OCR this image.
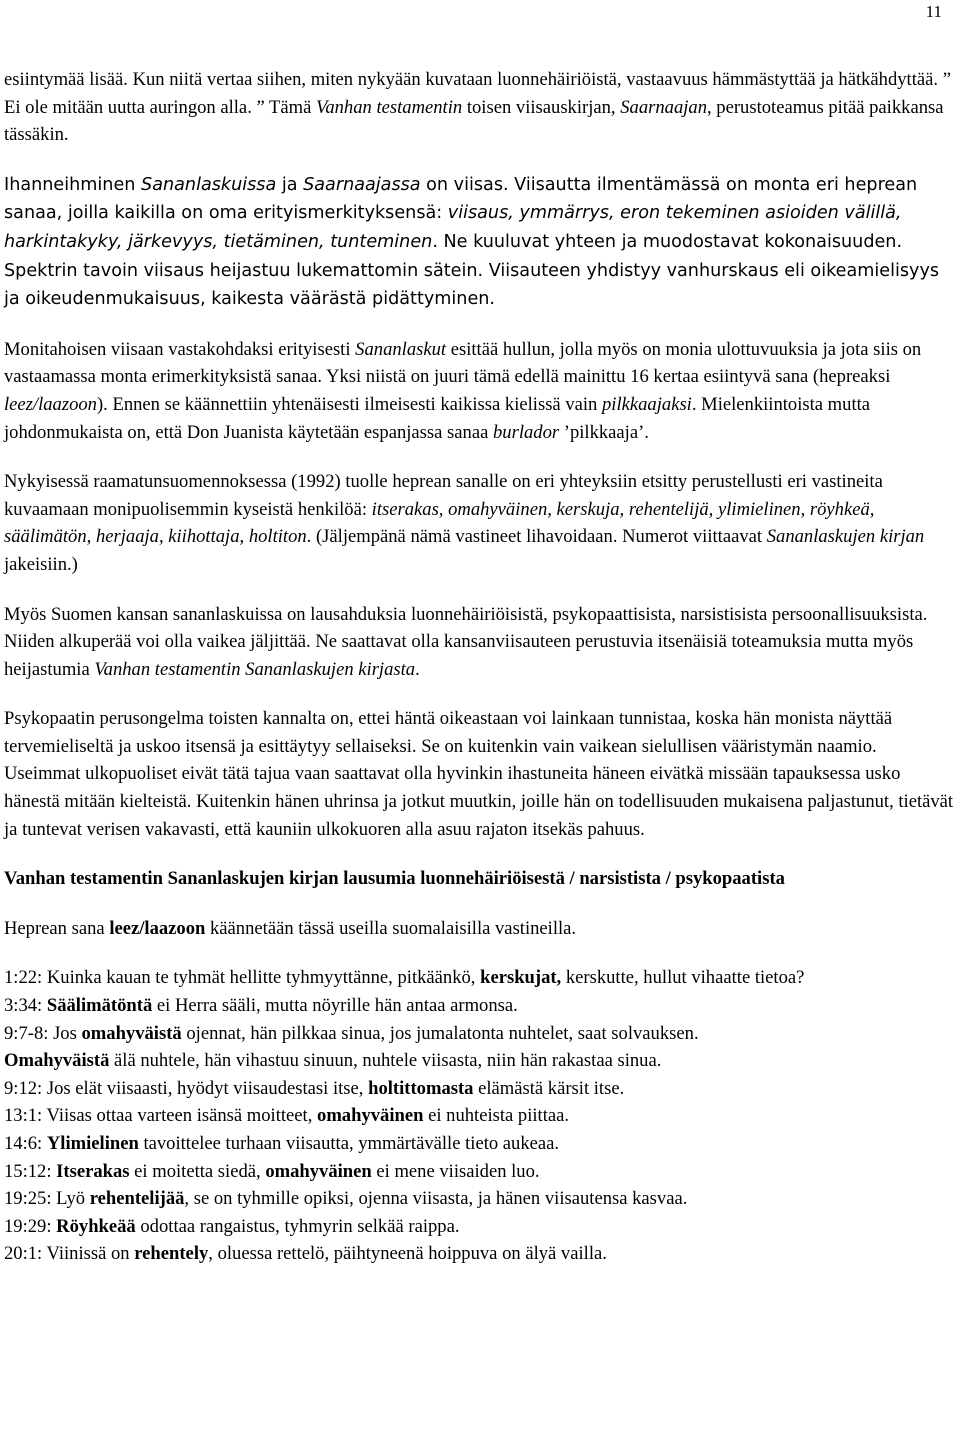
11

esiintymää lisää. Kun niitä vertaa siihen, miten nykyään kuvataan luonnehäiriöistä, vastaavuus hämmästyttää ja hätkähdyttää. ” Ei ole mitään uutta auringon alla. ” Tämä Vanhan testamentin toisen viisauskirjan, Saarnaajan, perustoteamus pitää paikkansa tässäkin.

Ihanneihminen Sananlaskuissa ja Saarnaajassa on viisas. Viisautta ilmentämässä on monta eri heprean sanaa, joilla kaikilla on oma erityismerkityksensä: viisaus, ymmärrys, eron tekeminen asioiden välillä, harkintakyky, järkevyys, tietäminen, tunteminen. Ne kuuluvat yhteen ja muodostavat kokonaisuuden. Spektrin tavoin viisaus heijastuu lukemattomin sätein. Viisauteen yhdistyy vanhurskaus eli oikeamielisyys ja oikeudenmukaisuus, kaikesta väärästä pidättyminen.

Monitahoisen viisaan vastakohdaksi erityisesti Sananlaskut esittää hullun, jolla myös on monia ulottuvuuksia ja jota siis on vastaamassa monta erimerkityksistä sanaa. Yksi niistä on juuri tämä edellä mainittu 16 kertaa esiintyvä sana (hepreaksi leez/laazoon). Ennen se käännettiin yhtenäisesti ilmeisesti kaikissa kielissä vain pilkkaajaksi. Mielenkiintoista mutta johdonmukaista on, että Don Juanista käytetään espanjassa sanaa burlador ’pilkkaaja’.

Nykyisessä raamatunsuomennoksessa (1992) tuolle heprean sanalle on eri yhteyksiin etsitty perustellusti eri vastineita kuvaamaan monipuolisemmin kyseistä henkilöä: itserakas, omahyväinen, kerskuja, rehentelijä, ylimielinen, röyhkeä, säälimätön, herjaaja, kiihottaja, holtiton. (Jäljempänä nämä vastineet lihavoidaan. Numerot viittaavat Sananlaskujen kirjan jakeisiin.)

Myös Suomen kansan sananlaskuissa on lausahduksia luonnehäiriöisistä, psykopaattisista, narsistisista persoonallisuuksista. Niiden alkuperää voi olla vaikea jäljittää. Ne saattavat olla kansanviisauteen perustuvia itsenäisiä toteamuksia mutta myös heijastumia Vanhan testamentin Sananlaskujen kirjasta.

Psykopaatin perusongelma toisten kannalta on, ettei häntä oikeastaan voi lainkaan tunnistaa, koska hän monista näyttää tervemieliseltä ja uskoo itsensä ja esittäytyy sellaiseksi. Se on kuitenkin vain vaikean sielullisen vääristymän naamio. Useimmat ulkopuoliset eivät tätä tajua vaan saattavat olla hyvinkin ihastuneita häneen eivätkä missään tapauksessa usko hänestä mitään kielteistä. Kuitenkin hänen uhrinsa ja jotkut muutkin, joille hän on todellisuuden mukaisena paljastunut, tietävät ja tuntevat verisen vakavasti, että kauniin ulkokuoren alla asuu rajaton itsekäs pahuus.

Vanhan testamentin Sananlaskujen kirjan lausumia luonnehäiriöisestä / narsistista / psykopaatista

Heprean sana leez/laazoon käännetään tässä useilla suomalaisilla vastineilla.

1:22: Kuinka kauan te tyhmät hellitte tyhmyyttänne, pitkäänkö, kerskujat, kerskutte, hullut vihaatte tietoa?

3:34: Säälimätöntä ei Herra sääli, mutta nöyrille hän antaa armonsa.

9:7-8: Jos omahyväistä ojennat, hän pilkkaa sinua, jos jumalatonta nuhtelet, saat solvauksen.

Omahyväistä älä nuhtele, hän vihastuu sinuun, nuhtele viisasta, niin hän rakastaa sinua.

9:12: Jos elät viisaasti, hyödyt viisaudestasi itse, holtittomasta elämästä kärsit itse.

13:1: Viisas ottaa varteen isänsä moitteet, omahyväinen ei nuhteista piittaa.

14:6: Ylimielinen tavoittelee turhaan viisautta, ymmärtävälle tieto aukeaa.

15:12: Itserakas ei moitetta siedä, omahyväinen ei mene viisaiden luo.

19:25: Lyö rehentelijää, se on tyhmille opiksi, ojenna viisasta, ja hänen viisautensa kasvaa.

19:29: Röyhkeää odottaa rangaistus, tyhmyrin selkää raippa.

20:1: Viinissä on rehentely, oluessa rettelö, päihtyneenä hoippuva on älyä vailla.
